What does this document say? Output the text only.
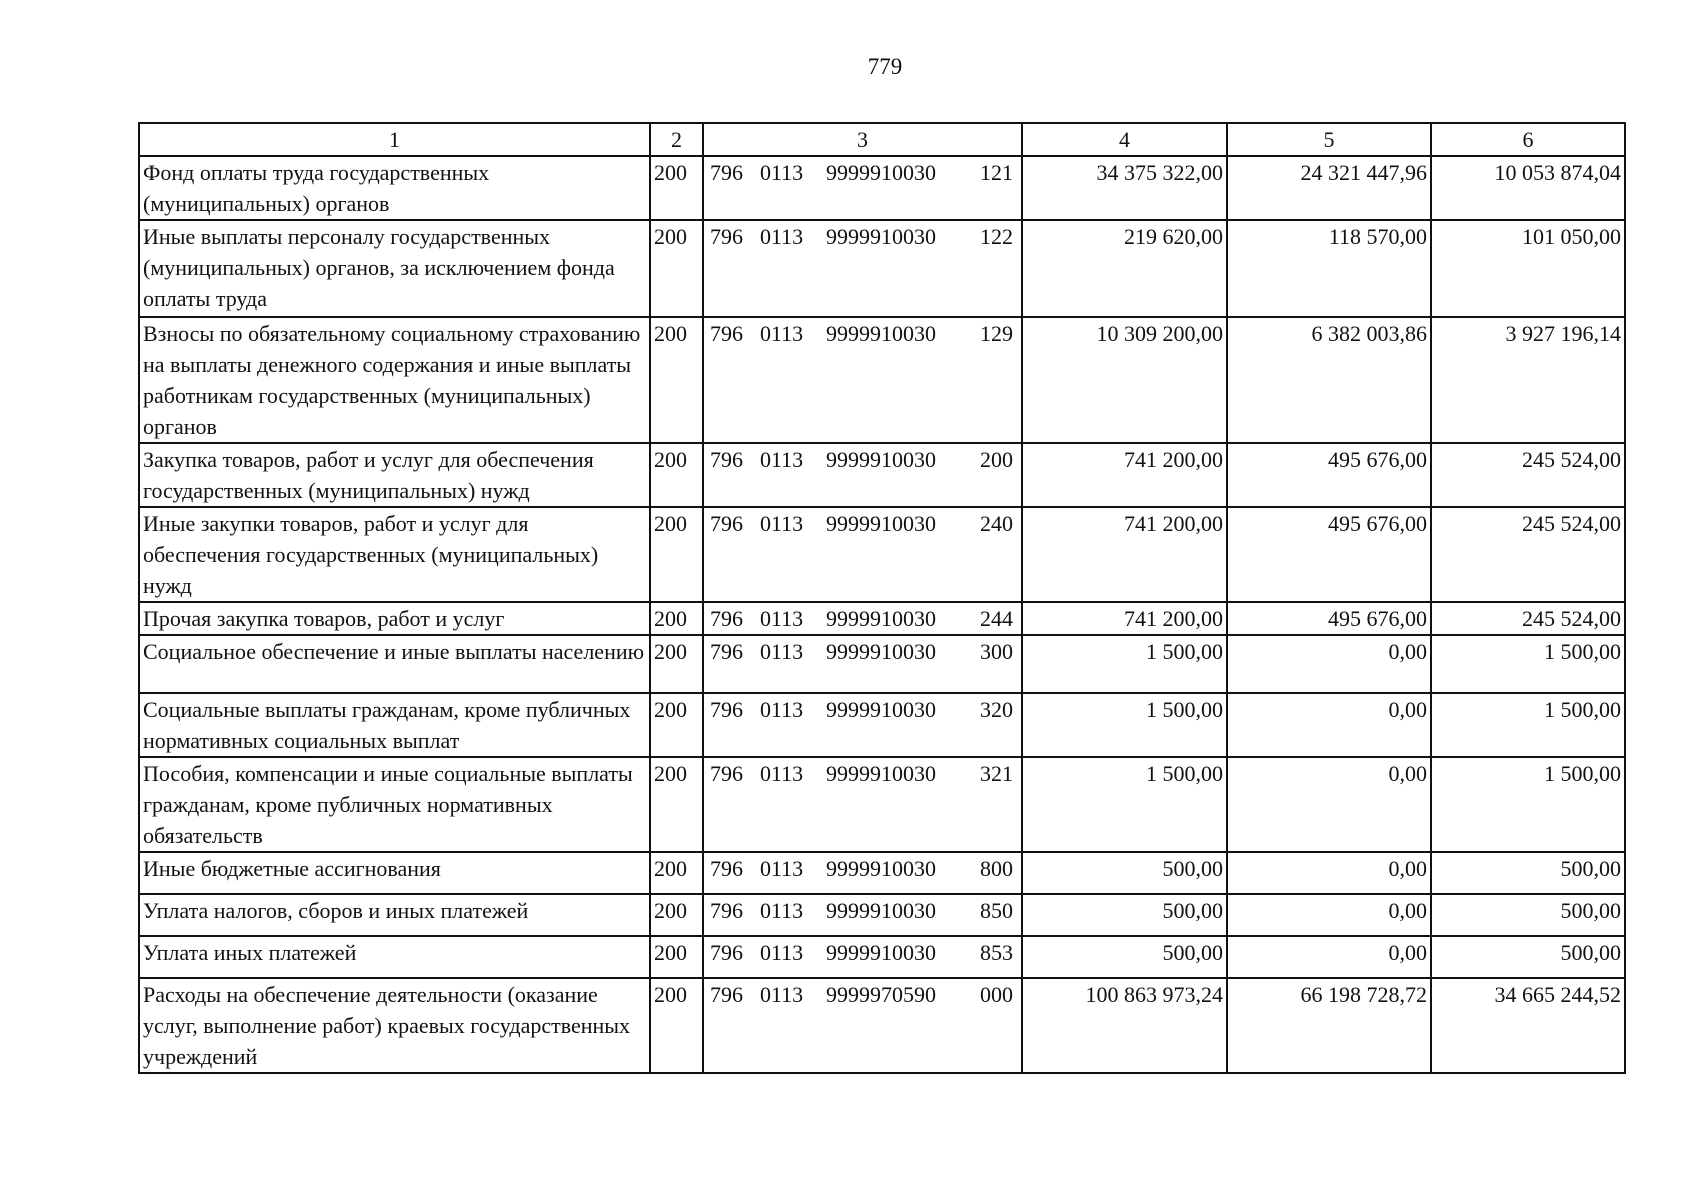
779
1	2	3	4	5	6
Фонд оплаты труда государственных (муниципальных) органов	200	796 0113 9999910030 121	34 375 322,00	24 321 447,96	10 053 874,04
Иные выплаты персоналу государственных (муниципальных) органов, за исключением фонда оплаты труда	200	796 0113 9999910030 122	219 620,00	118 570,00	101 050,00
Взносы по обязательному социальному страхованию на выплаты денежного содержания и иные выплаты работникам государственных (муниципальных) органов	200	796 0113 9999910030 129	10 309 200,00	6 382 003,86	3 927 196,14
Закупка товаров, работ и услуг для обеспечения государственных (муниципальных) нужд	200	796 0113 9999910030 200	741 200,00	495 676,00	245 524,00
Иные закупки товаров, работ и услуг для обеспечения государственных (муниципальных) нужд	200	796 0113 9999910030 240	741 200,00	495 676,00	245 524,00
Прочая закупка товаров, работ и услуг	200	796 0113 9999910030 244	741 200,00	495 676,00	245 524,00
Социальное обеспечение и иные выплаты населению	200	796 0113 9999910030 300	1 500,00	0,00	1 500,00
Социальные выплаты гражданам, кроме публичных нормативных социальных выплат	200	796 0113 9999910030 320	1 500,00	0,00	1 500,00
Пособия, компенсации и иные социальные выплаты гражданам, кроме публичных нормативных обязательств	200	796 0113 9999910030 321	1 500,00	0,00	1 500,00
Иные бюджетные ассигнования	200	796 0113 9999910030 800	500,00	0,00	500,00
Уплата налогов, сборов и иных платежей	200	796 0113 9999910030 850	500,00	0,00	500,00
Уплата иных платежей	200	796 0113 9999910030 853	500,00	0,00	500,00
Расходы на обеспечение деятельности (оказание услуг, выполнение работ) краевых государственных учреждений	200	796 0113 9999970590 000	100 863 973,24	66 198 728,72	34 665 244,52
